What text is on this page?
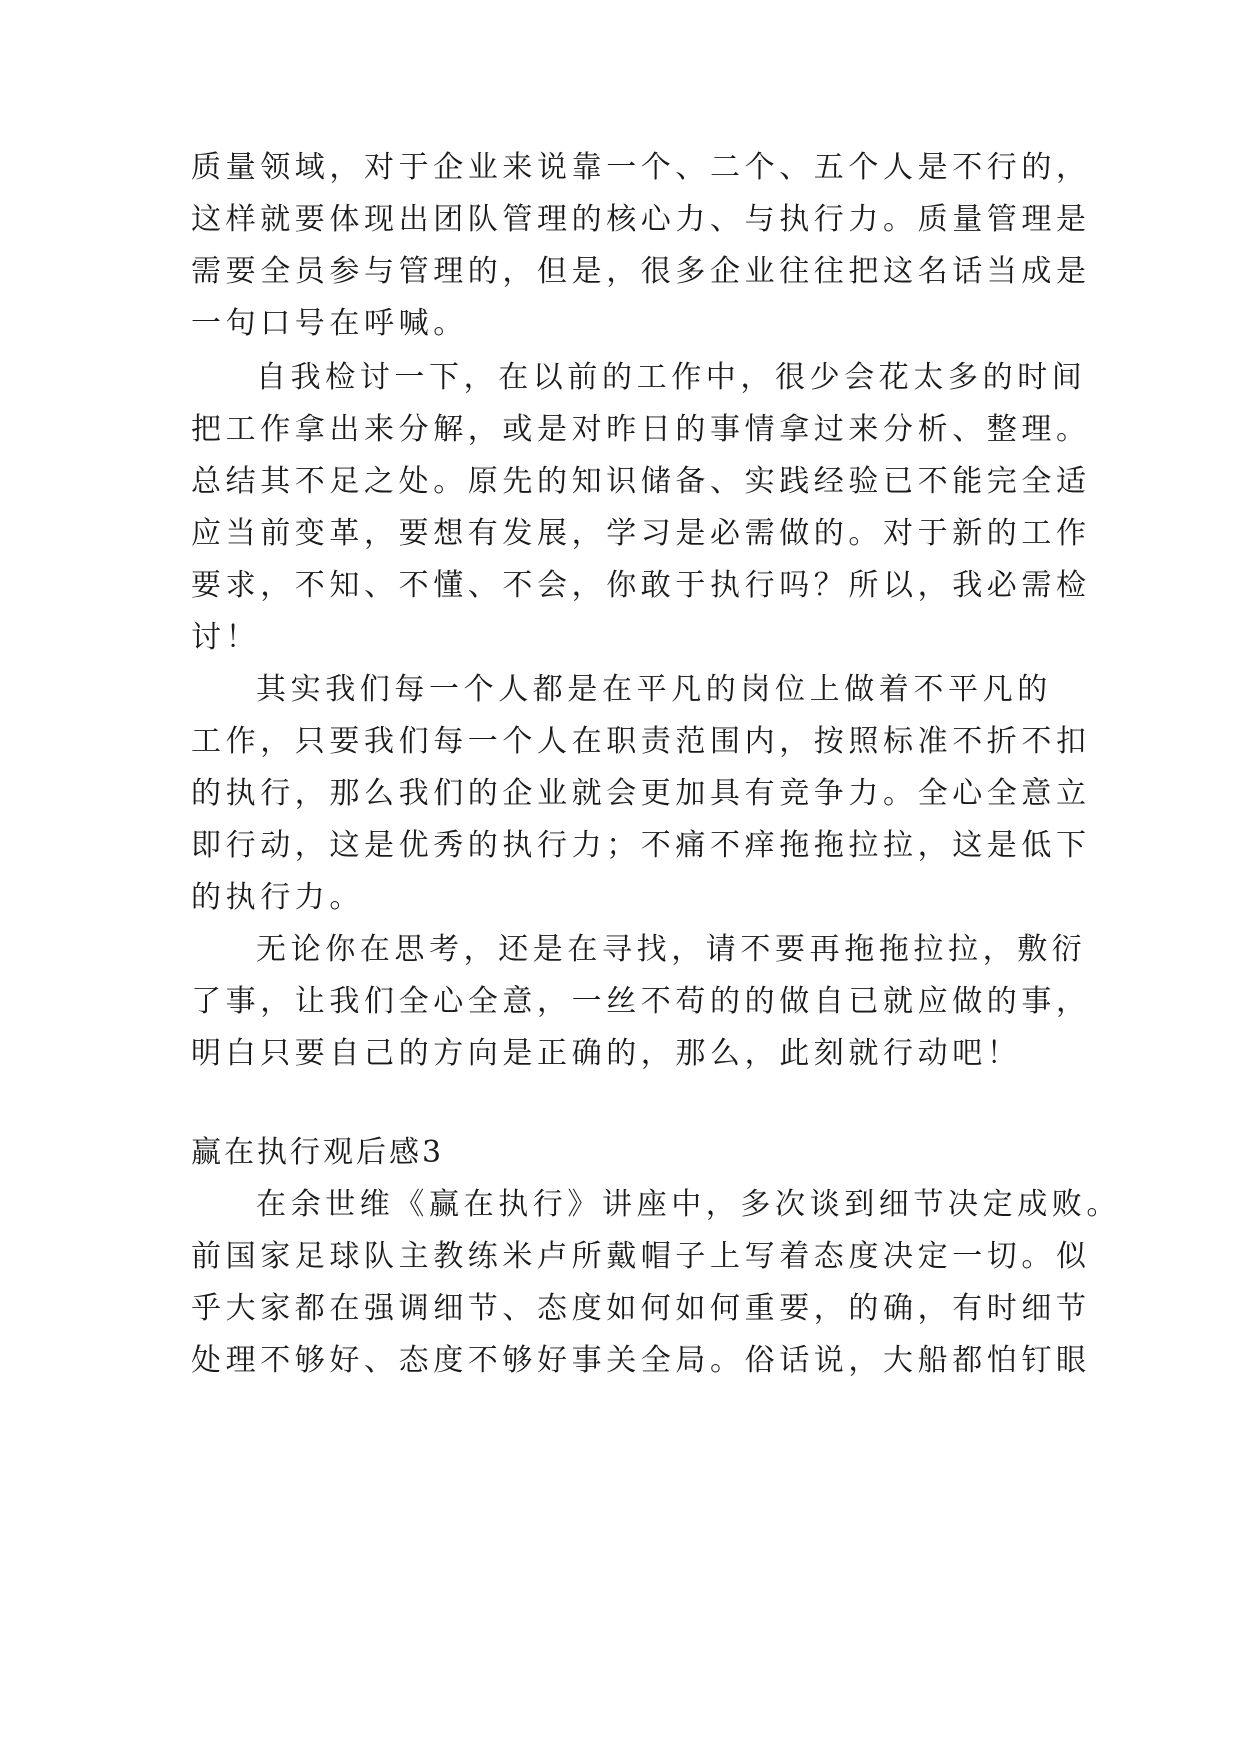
质量领域，对于企业来说靠一个、二个、五个人是不行的，
这样就要体现出团队管理的核心力、与执行力。质量管理是
需要全员参与管理的，但是，很多企业往往把这名话当成是
一句口号在呼喊。
自我检讨一下，在以前的工作中，很少会花太多的时间
把工作拿出来分解，或是对昨日的事情拿过来分析、整理。
总结其不足之处。原先的知识储备、实践经验已不能完全适
应当前变革，要想有发展，学习是必需做的。对于新的工作
要求，不知、不懂、不会，你敢于执行吗？所以，我必需检
讨！
其实我们每一个人都是在平凡的岗位上做着不平凡的
工作，只要我们每一个人在职责范围内，按照标准不折不扣
的执行，那么我们的企业就会更加具有竞争力。全心全意立
即行动，这是优秀的执行力；不痛不痒拖拖拉拉，这是低下
的执行力。
无论你在思考，还是在寻找，请不要再拖拖拉拉，敷衍
了事，让我们全心全意，一丝不苟的的做自已就应做的事，
明白只要自己的方向是正确的，那么，此刻就行动吧！
赢在执行观后感3
在余世维《赢在执行》讲座中，多次谈到细节决定成败。
前国家足球队主教练米卢所戴帽子上写着态度决定一切。似
乎大家都在强调细节、态度如何如何重要，的确，有时细节
处理不够好、态度不够好事关全局。俗话说，大船都怕钉眼
